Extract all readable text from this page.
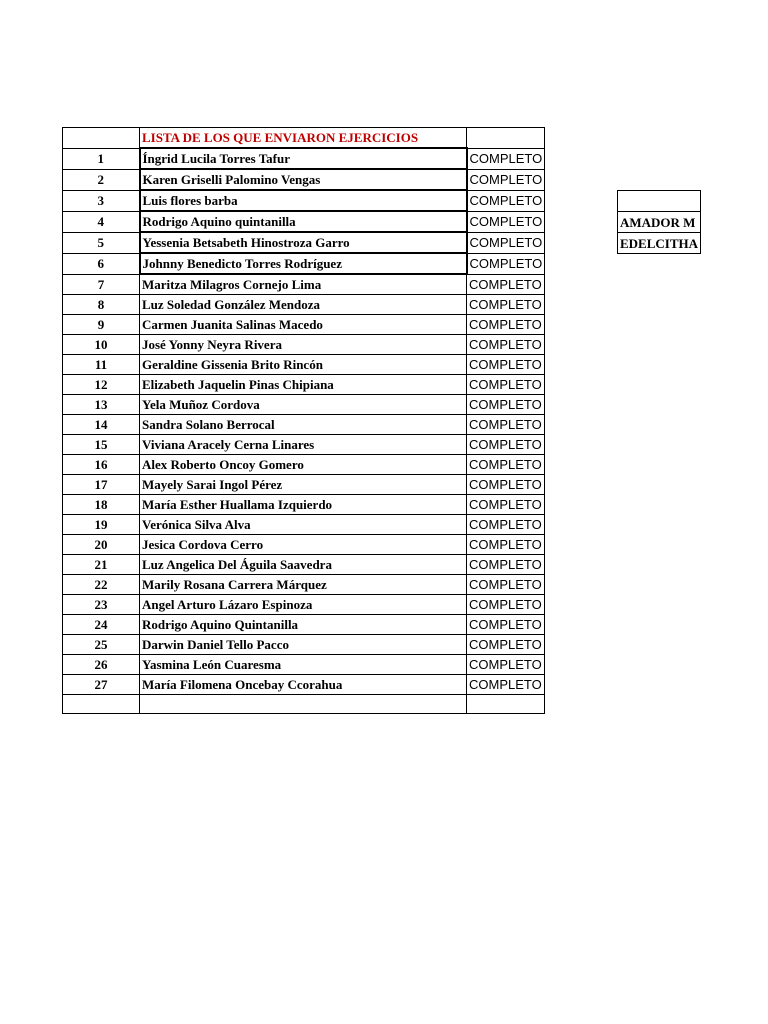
	LISTA DE LOS QUE ENVIARON EJERCICIOS	
1	Íngrid Lucila Torres Tafur	COMPLETO
2	Karen Griselli Palomino Vengas	COMPLETO
3	Luis flores barba	COMPLETO
4	Rodrigo Aquino quintanilla	COMPLETO
5	Yessenia Betsabeth Hinostroza Garro	COMPLETO
6	Johnny Benedicto Torres Rodríguez	COMPLETO
7	Maritza Milagros Cornejo Lima	COMPLETO
8	Luz Soledad González Mendoza	COMPLETO
9	Carmen Juanita Salinas Macedo	COMPLETO
10	José Yonny Neyra Rivera	COMPLETO
11	Geraldine Gissenia Brito Rincón	COMPLETO
12	Elizabeth Jaquelin Pinas Chipiana	COMPLETO
13	Yela Muñoz Cordova	COMPLETO
14	Sandra Solano Berrocal	COMPLETO
15	Viviana Aracely Cerna Linares	COMPLETO
16	Alex Roberto Oncoy Gomero	COMPLETO
17	Mayely Sarai Ingol Pérez	COMPLETO
18	María Esther Huallama Izquierdo	COMPLETO
19	Verónica Silva Alva	COMPLETO
20	Jesica Cordova Cerro	COMPLETO
21	Luz Angelica Del Águila Saavedra	COMPLETO
22	Marily Rosana Carrera Márquez	COMPLETO
23	Angel Arturo Lázaro Espinoza	COMPLETO
24	Rodrigo Aquino Quintanilla	COMPLETO
25	Darwin Daniel Tello Pacco	COMPLETO
26	Yasmina León Cuaresma	COMPLETO
27	María Filomena Oncebay Ccorahua	COMPLETO

AMADOR M
EDELCITHA
